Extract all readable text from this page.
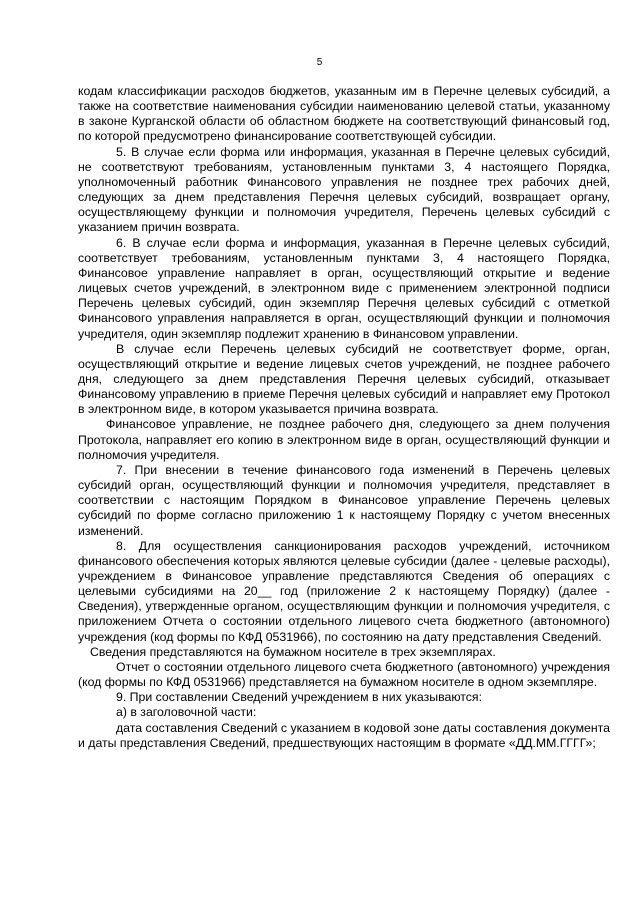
5

кодам классификации расходов бюджетов, указанным им в Перечне целевых субсидий, а также на соответствие наименования субсидии наименованию целевой статьи, указанному в законе Курганской области об областном бюджете на соответствующий финансовый год, по которой предусмотрено финансирование соответствующей субсидии.

5. В случае если форма или информация, указанная в Перечне целевых субсидий, не соответствуют требованиям, установленным пунктами 3, 4 настоящего Порядка, уполномоченный работник Финансового управления не позднее трех рабочих дней, следующих за днем представления Перечня целевых субсидий, возвращает органу, осуществляющему функции и полномочия учредителя, Перечень целевых субсидий с указанием причин возврата.

6. В случае если форма и информация, указанная в Перечне целевых субсидий, соответствует требованиям, установленным пунктами 3, 4 настоящего Порядка, Финансовое управление направляет в орган, осуществляющий открытие и ведение лицевых счетов учреждений, в электронном виде с применением электронной подписи Перечень целевых субсидий, один экземпляр Перечня целевых субсидий с отметкой Финансового управления направляется в орган, осуществляющий функции и полномочия учредителя, один экземпляр подлежит хранению в Финансовом управлении.

В случае если Перечень целевых субсидий не соответствует форме, орган, осуществляющий открытие и ведение лицевых счетов учреждений, не позднее рабочего дня, следующего за днем представления Перечня целевых субсидий, отказывает Финансовому управлению в приеме Перечня целевых субсидий и направляет ему Протокол в электронном виде, в котором указывается причина возврата.

Финансовое управление, не позднее рабочего дня, следующего за днем получения Протокола, направляет его копию в электронном виде в орган, осуществляющий функции и полномочия учредителя.

7. При внесении в течение финансового года изменений в Перечень целевых субсидий орган, осуществляющий функции и полномочия учредителя, представляет в соответствии с настоящим Порядком в Финансовое управление Перечень целевых субсидий по форме согласно приложению 1 к настоящему Порядку с учетом внесенных изменений.

8. Для осуществления санкционирования расходов учреждений, источником финансового обеспечения которых являются целевые субсидии (далее - целевые расходы), учреждением в Финансовое управление представляются Сведения об операциях с целевыми субсидиями на 20__ год (приложение 2 к настоящему Порядку) (далее - Сведения), утвержденные органом, осуществляющим функции и полномочия учредителя, с приложением Отчета о состоянии отдельного лицевого счета бюджетного (автономного) учреждения (код формы по КФД 0531966), по состоянию на дату представления Сведений.

Сведения представляются на бумажном носителе в трех экземплярах.

Отчет о состоянии отдельного лицевого счета бюджетного (автономного) учреждения (код формы по КФД 0531966) представляется на бумажном носителе в одном экземпляре.

9. При составлении Сведений учреждением в них указываются:

а) в заголовочной части:

дата составления Сведений с указанием в кодовой зоне даты составления документа и даты представления Сведений, предшествующих настоящим в формате «ДД.ММ.ГГГГ»;
